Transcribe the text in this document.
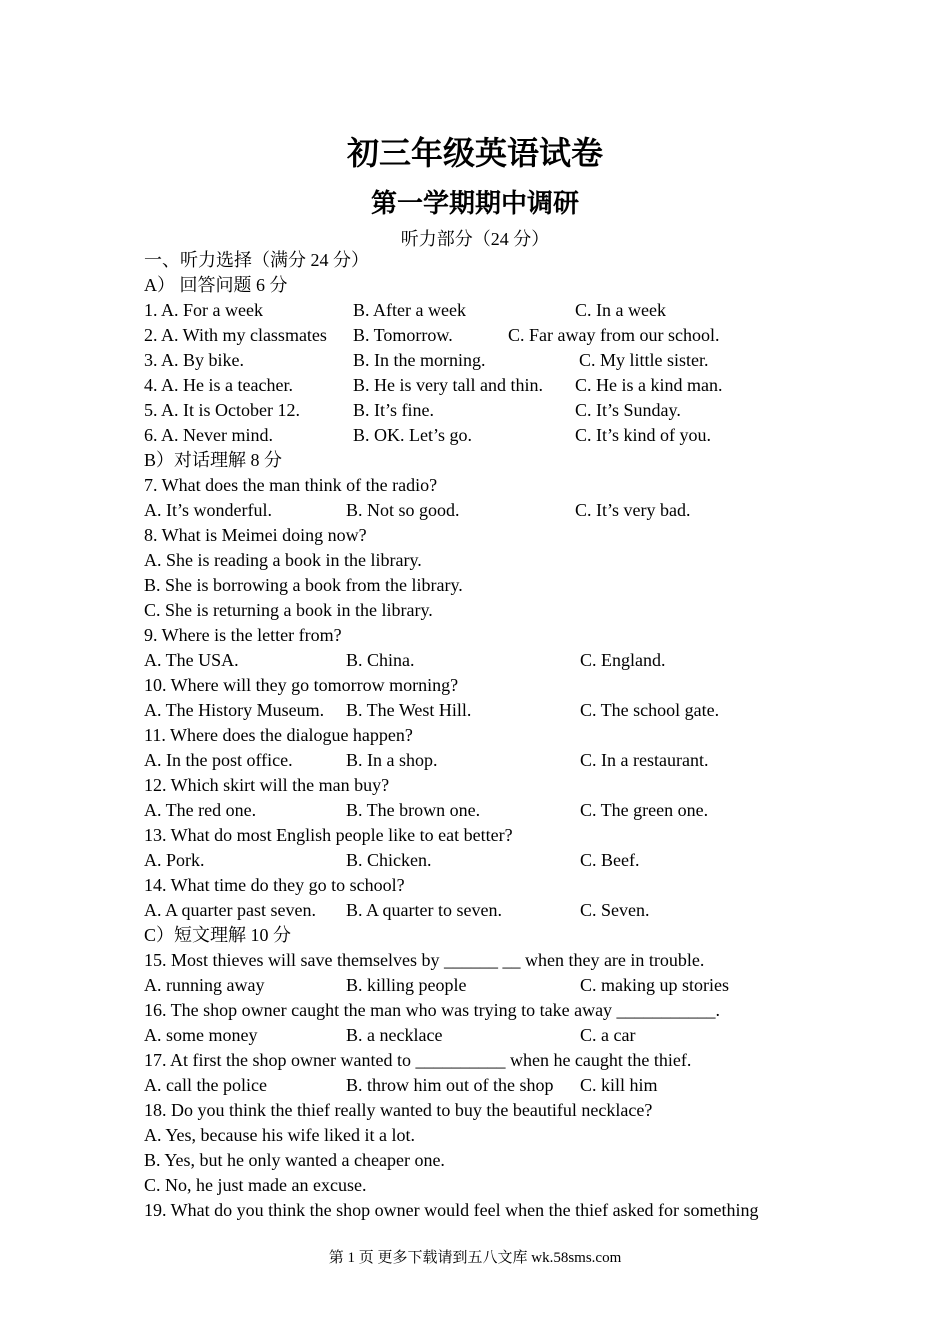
初三年级英语试卷
第一学期期中调研
听力部分（24 分）
一、听力选择（满分 24 分）
A） 回答问题 6 分
1. A. For a week	B. After a week	C. In a week
2. A. With my classmates B. Tomorrow.	C. Far away from our school.
3. A. By bike.	B. In the morning.	C. My little sister.
4. A. He is a teacher.	B. He is very tall and thin. C. He is a kind man.
5. A. It is October 12.	B. It’s fine.	C. It’s Sunday.
6. A. Never mind.	B. OK. Let’s go.	C. It’s kind of you.
B）对话理解 8 分
7. What does the man think of the radio?
A. It’s wonderful.	B. Not so good.	C. It’s very bad.
8. What is Meimei doing now?
A. She is reading a book in the library.
B. She is borrowing a book from the library.
C. She is returning a book in the library.
9. Where is the letter from?
A. The USA.	B. China.	C. England.
10. Where will they go tomorrow morning?
A. The History Museum. B. The West Hill.	C. The school gate.
11. Where does the dialogue happen?
A. In the post office.	B. In a shop.	C. In a restaurant.
12. Which skirt will the man buy?
A. The red one.	B. The brown one.	C. The green one.
13. What do most English people like to eat better?
A. Pork.	B. Chicken.	C. Beef.
14. What time do they go to school?
A. A quarter past seven. B. A quarter to seven.	C. Seven.
C）短文理解 10 分
15. Most thieves will save themselves by ______ __ when they are in trouble.
A. running away	B. killing people	C. making up stories
16. The shop owner caught the man who was trying to take away ___________.
A. some money	B. a necklace	C. a car
17. At first the shop owner wanted to __________ when he caught the thief.
A. call the police	B. throw him out of the shop C. kill him
18. Do you think the thief really wanted to buy the beautiful necklace?
A. Yes, because his wife liked it a lot.
B. Yes, but he only wanted a cheaper one.
C. No, he just made an excuse.
19. What do you think the shop owner would feel when the thief asked for something
第 1 页 更多下载请到五八文库 wk.58sms.com
